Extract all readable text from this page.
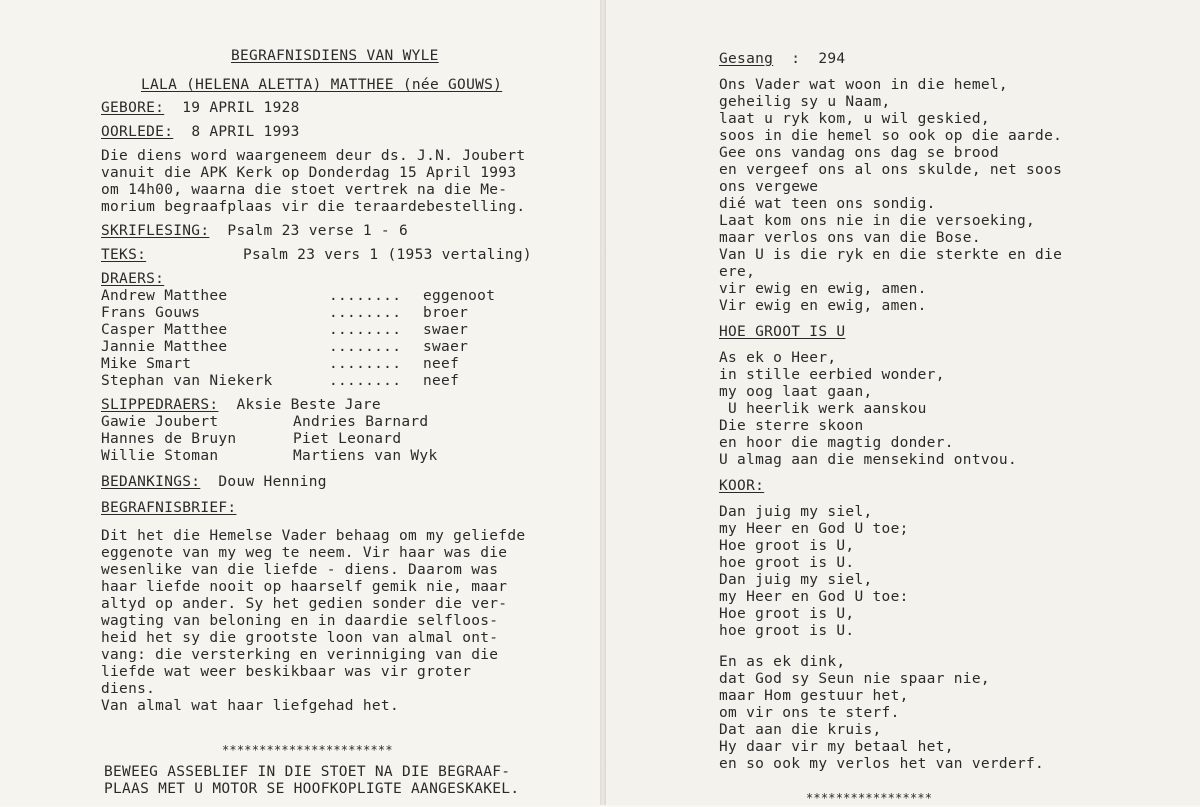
BEGRAFNISDIENS VAN WYLE
LALA (HELENA ALETTA) MATTHEE (née GOUWS)
GEBORE:
19 APRIL 1928
OORLEDE:
8 APRIL 1993
Die diens word waargeneem deur ds. J.N. Joubert
vanuit die APK Kerk op Donderdag 15 April 1993
om 14h00, waarna die stoet vertrek na die Me-
morium begraafplaas vir die teraardebestelling.
SKRIFLESING:
Psalm 23 verse 1 - 6
TEKS:	Psalm 23 vers 1 (1953 vertaling)
DRAERS:
Andrew Matthee	........	eggenoot
Frans Gouws	........	broer
Casper Matthee	........	swaer
Jannie Matthee	........	swaer
Mike Smart	........	neef
Stephan van Niekerk	........	neef
SLIPPEDRAERS:
Aksie Beste Jare
Gawie Joubert	Andries Barnard
Hannes de Bruyn	Piet Leonard
Willie Stoman	Martiens van Wyk
BEDANKINGS:
Douw Henning
BEGRAFNISBRIEF:
Dit het die Hemelse Vader behaag om my geliefde
eggenote van my weg te neem. Vir haar was die
wesenlike van die liefde - diens. Daarom was
haar liefde nooit op haarself gemik nie, maar
altyd op ander. Sy het gedien sonder die ver-
wagting van beloning en in daardie selfloos-
heid het sy die grootste loon van almal ont-
vang: die versterking en verinniging van die
liefde wat weer beskikbaar was vir groter
diens.
Van almal wat haar liefgehad het.
***********************
BEWEEG ASSEBLIEF IN DIE STOET NA DIE BEGRAAF-
PLAAS MET U MOTOR SE HOOFKOPLIGTE AANGESKAKEL.
Gesang
:  294
Ons Vader wat woon in die hemel,
geheilig sy u Naam,
laat u ryk kom, u wil geskied,
soos in die hemel so ook op die aarde.
Gee ons vandag ons dag se brood
en vergeef ons al ons skulde, net soos
ons vergewe
dié wat teen ons sondig.
Laat kom ons nie in die versoeking,
maar verlos ons van die Bose.
Van U is die ryk en die sterkte en die
ere,
vir ewig en ewig, amen.
Vir ewig en ewig, amen.
HOE GROOT IS U
As ek o Heer,
in stille eerbied wonder,
my oog laat gaan,
U heerlik werk aanskou
Die sterre skoon
en hoor die magtig donder.
U almag aan die mensekind ontvou.
KOOR:
Dan juig my siel,
my Heer en God U toe;
Hoe groot is U,
hoe groot is U.
Dan juig my siel,
my Heer en God U toe:
Hoe groot is U,
hoe groot is U.
En as ek dink,
dat God sy Seun nie spaar nie,
maar Hom gestuur het,
om vir ons te sterf.
Dat aan die kruis,
Hy daar vir my betaal het,
en so ook my verlos het van verderf.
*****************
